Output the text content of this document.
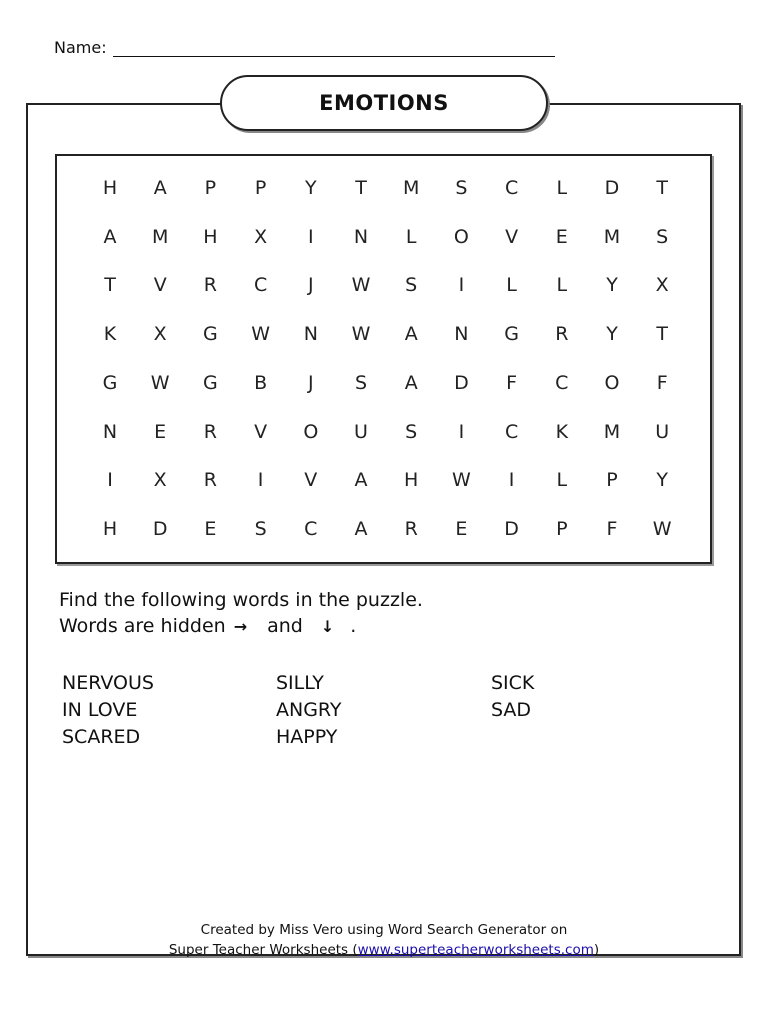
Name:
EMOTIONS
H	A	P	P	Y	T	M	S	C	L	D	T
A	M	H	X	I	N	L	O	V	E	M	S
T	V	R	C	J	W	S	I	L	L	Y	X
K	X	G	W	N	W	A	N	G	R	Y	T
G	W	G	B	J	S	A	D	F	C	O	F
N	E	R	V	O	U	S	I	C	K	M	U
I	X	R	I	V	A	H	W	I	L	P	Y
H	D	E	S	C	A	R	E	D	P	F	W
Find the following words in the puzzle.
Words are hidden → and ↓ .
NERVOUS
IN LOVE
SCARED
SILLY
ANGRY
HAPPY
SICK
SAD
Created by Miss Vero using Word Search Generator on
Super Teacher Worksheets (www.superteacherworksheets.com)
